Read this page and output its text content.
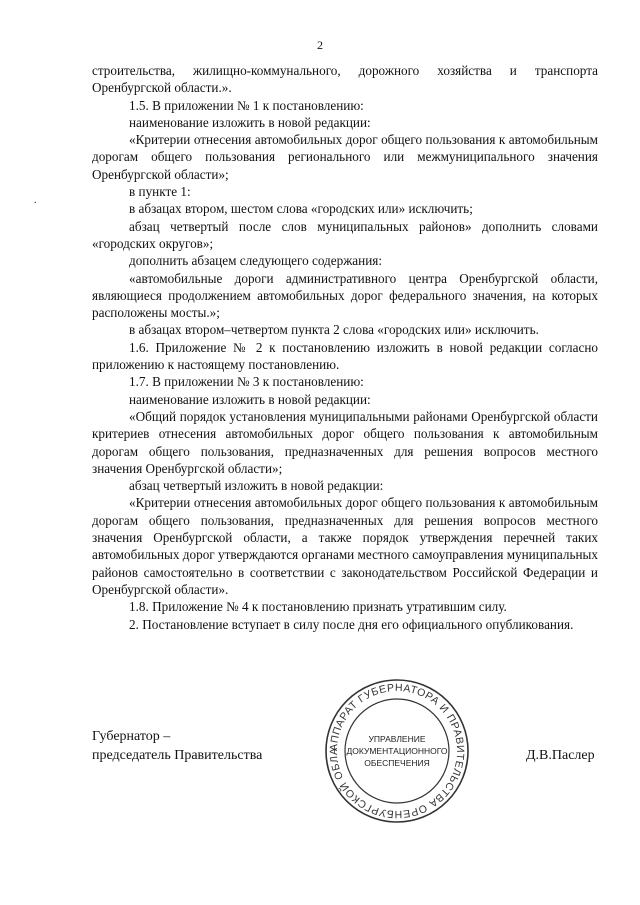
2
.

строительства, жилищно-коммунального, дорожного хозяйства и транспорта Оренбургской области.».

1.5. В приложении № 1 к постановлению:

наименование изложить в новой редакции:

«Критерии отнесения автомобильных дорог общего пользования к автомобильным дорогам общего пользования регионального или межмуниципального значения Оренбургской области»;

в пункте 1:

в абзацах втором, шестом слова «городских или» исключить;

абзац четвертый после слов муниципальных районов» дополнить словами «городских округов»;

дополнить абзацем следующего содержания:

«автомобильные дороги административного центра Оренбургской области, являющиеся продолжением автомобильных дорог федерального значения, на которых расположены мосты.»;

в абзацах втором–четвертом пункта 2 слова «городских или» исключить.

1.6. Приложение № 2 к постановлению изложить в новой редакции согласно приложению к настоящему постановлению.

1.7. В приложении № 3 к постановлению:

наименование изложить в новой редакции:

«Общий порядок установления муниципальными районами Оренбургской области критериев отнесения автомобильных дорог общего пользования к автомобильным дорогам общего пользования, предназначенных для решения вопросов местного значения Оренбургской области»;

абзац четвертый изложить в новой редакции:

«Критерии отнесения автомобильных дорог общего пользования к автомобильным дорогам общего пользования, предназначенных для решения вопросов местного значения Оренбургской области, а также порядок утверждения перечней таких автомобильных дорог утверждаются органами местного самоуправления муниципальных районов самостоятельно в соответствии с законодательством Российской Федерации и Оренбургской области».

1.8. Приложение № 4 к постановлению признать утратившим силу.

2. Постановление вступает в силу после дня его официального опубликования.

Губернатор –
председатель Правительства
АППАРАТ ГУБЕРНАТОРА И ПРАВИТЕЛЬСТВА ОРЕНБУРГСКОЙ ОБЛА
УПРАВЛЕНИЕ
ДОКУМЕНТАЦИОННОГО
ОБЕСПЕЧЕНИЯ	Д.В.Паслер
